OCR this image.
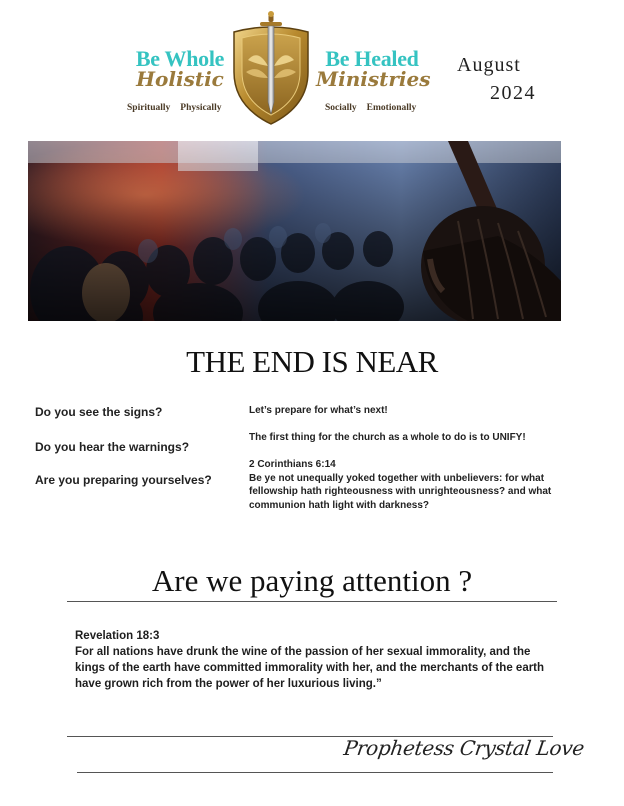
Be Whole
Holistic
Spiritually Physically
Be Healed
Ministries
Socially Emotionally
August
2024
THE END IS NEAR
Do you see the signs?
Do you hear the warnings?
Are you preparing yourselves?
Let’s prepare for what’s next!
The first thing for the church as a whole to do is to UNIFY!
2 Corinthians 6:14
Be ye not unequally yoked together with unbelievers: for what fellowship hath righteousness with unrighteousness? and what communion hath light with darkness?
Are we paying attention ?
Revelation 18:3
For all nations have drunk the wine of the passion of her sexual immorality, and the kings of the earth have committed immorality with her, and the merchants of the earth have grown rich from the power of her luxurious living.”
Prophetess Crystal Love
